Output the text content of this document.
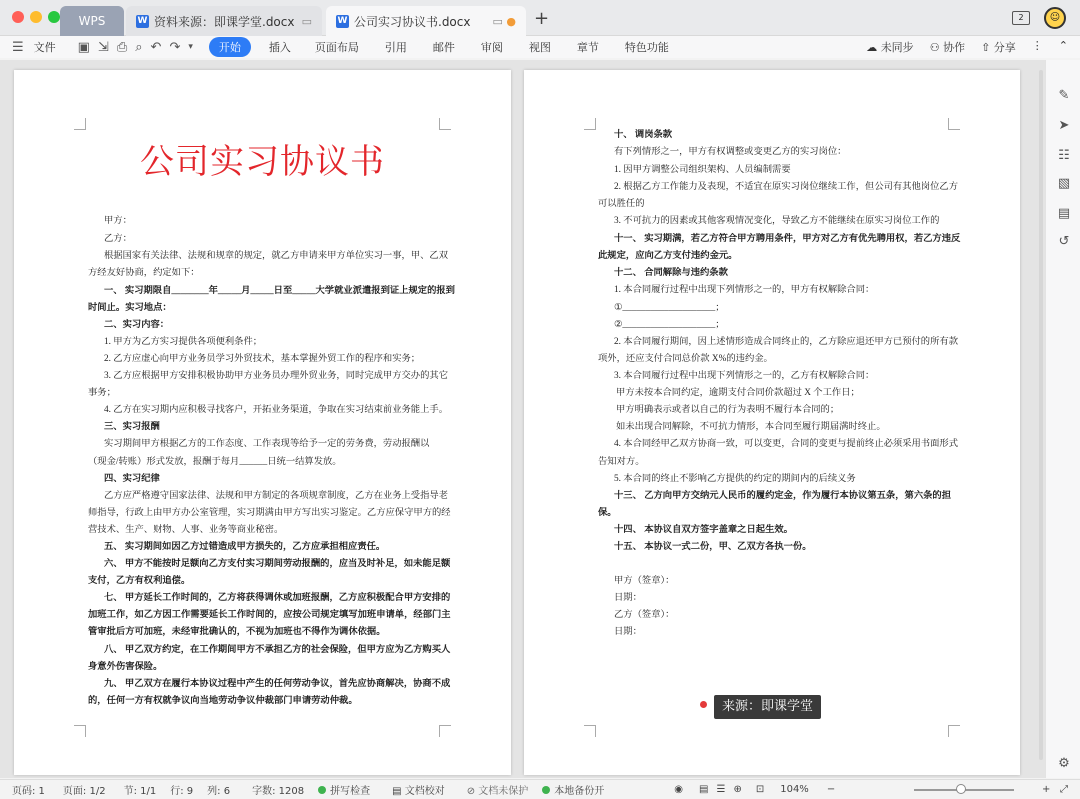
WPS	W 资料来源：即课学堂.docx ▭	W 公司实习协议书.docx ▭ ● +	2	☺
☰ 文件 ▣ ⇲ ⎙ ⌕ ↶ ↷ ▾	开始	插入 页面布局 引用 邮件 审阅 视图 章节 特色功能	☁ 未同步 ⚇ 协作 ⇧ 分享 ⋮ ⌃
公司实习协议书
甲方：
乙方：
根据国家有关法律、法规和规章的规定，就乙方申请来甲方单位实习一事，甲、乙双
方经友好协商，约定如下：
一、 实习期限自________年_____月_____日至_____大学就业派遣报到证上规定的报到
时间止。实习地点：
二、实习内容：
1. 甲方为乙方实习提供各项便利条件；
2. 乙方应虚心向甲方业务员学习外贸技术，基本掌握外贸工作的程序和实务；
3. 乙方应根据甲方安排积极协助甲方业务员办理外贸业务，同时完成甲方交办的其它
事务；
4. 乙方在实习期内应积极寻找客户，开拓业务渠道，争取在实习结束前业务能上手。
三、实习报酬
实习期间甲方根据乙方的工作态度、工作表现等给予一定的劳务费，劳动报酬以
（现金/转账）形式发放，报酬于每月______日统一结算发放。
四、实习纪律
乙方应严格遵守国家法律、法规和甲方制定的各项规章制度，乙方在业务上受指导老
师指导，行政上由甲方办公室管理，实习期满由甲方写出实习鉴定。乙方应保守甲方的经
营技术、生产、财物、人事、业务等商业秘密。
五、 实习期间如因乙方过错造成甲方损失的，乙方应承担相应责任。
六、 甲方不能按时足额向乙方支付实习期间劳动报酬的，应当及时补足，如未能足额
支付，乙方有权利追偿。
七、 甲方延长工作时间的，乙方将获得调休或加班报酬，乙方应积极配合甲方安排的
加班工作，如乙方因工作需要延长工作时间的，应按公司规定填写加班申请单，经部门主
管审批后方可加班，未经审批确认的，不视为加班也不得作为调休依据。
八、 甲乙双方约定，在工作期间甲方不承担乙方的社会保险，但甲方应为乙方购买人
身意外伤害保险。
九、 甲乙双方在履行本协议过程中产生的任何劳动争议，首先应协商解决，协商不成
的，任何一方有权就争议向当地劳动争议仲裁部门申请劳动仲裁。
十、 调岗条款
有下列情形之一，甲方有权调整或变更乙方的实习岗位：
1. 因甲方调整公司组织架构、人员编制需要
2. 根据乙方工作能力及表现，不适宜在原实习岗位继续工作，但公司有其他岗位乙方
可以胜任的
3. 不可抗力的因素或其他客观情况变化，导致乙方不能继续在原实习岗位工作的
十一、 实习期满，若乙方符合甲方聘用条件，甲方对乙方有优先聘用权，若乙方违反
此规定，应向乙方支付违约金元。
十二、 合同解除与违约条款
1. 本合同履行过程中出现下列情形之一的，甲方有权解除合同：
①____________________；
②____________________；
2. 本合同履行期间，因上述情形造成合同终止的，乙方除应退还甲方已预付的所有款
项外，还应支付合同总价款 X%的违约金。
3. 本合同履行过程中出现下列情形之一的，乙方有权解除合同：
甲方未按本合同约定，逾期支付合同价款超过 X 个工作日；
甲方明确表示或者以自己的行为表明不履行本合同的；
如未出现合同解除，不可抗力情形，本合同至履行期届满时终止。
4. 本合同经甲乙双方协商一致，可以变更，合同的变更与提前终止必须采用书面形式
告知对方。
5. 本合同的终止不影响乙方提供的约定的期间内的后续义务
十三、 乙方向甲方交纳元人民币的履约定金，作为履行本协议第五条，第六条的担
保。
十四、 本协议自双方签字盖章之日起生效。
十五、 本协议一式二份，甲、乙双方各执一份。
甲方（签章）：
日期：
乙方（签章）：
日期：
✎
➤
☷
▧
▤
↺
⚙
来源：即课学堂
页码: 1 页面: 1/2 节: 1/1 行: 9 列: 6 字数: 1208	拼写检查 ▤ 文档校对 ⊘ 文档未保护	本地备份开	◉ ▤ ☰ ⊕ ⊡ 104% −	+ ⤢
